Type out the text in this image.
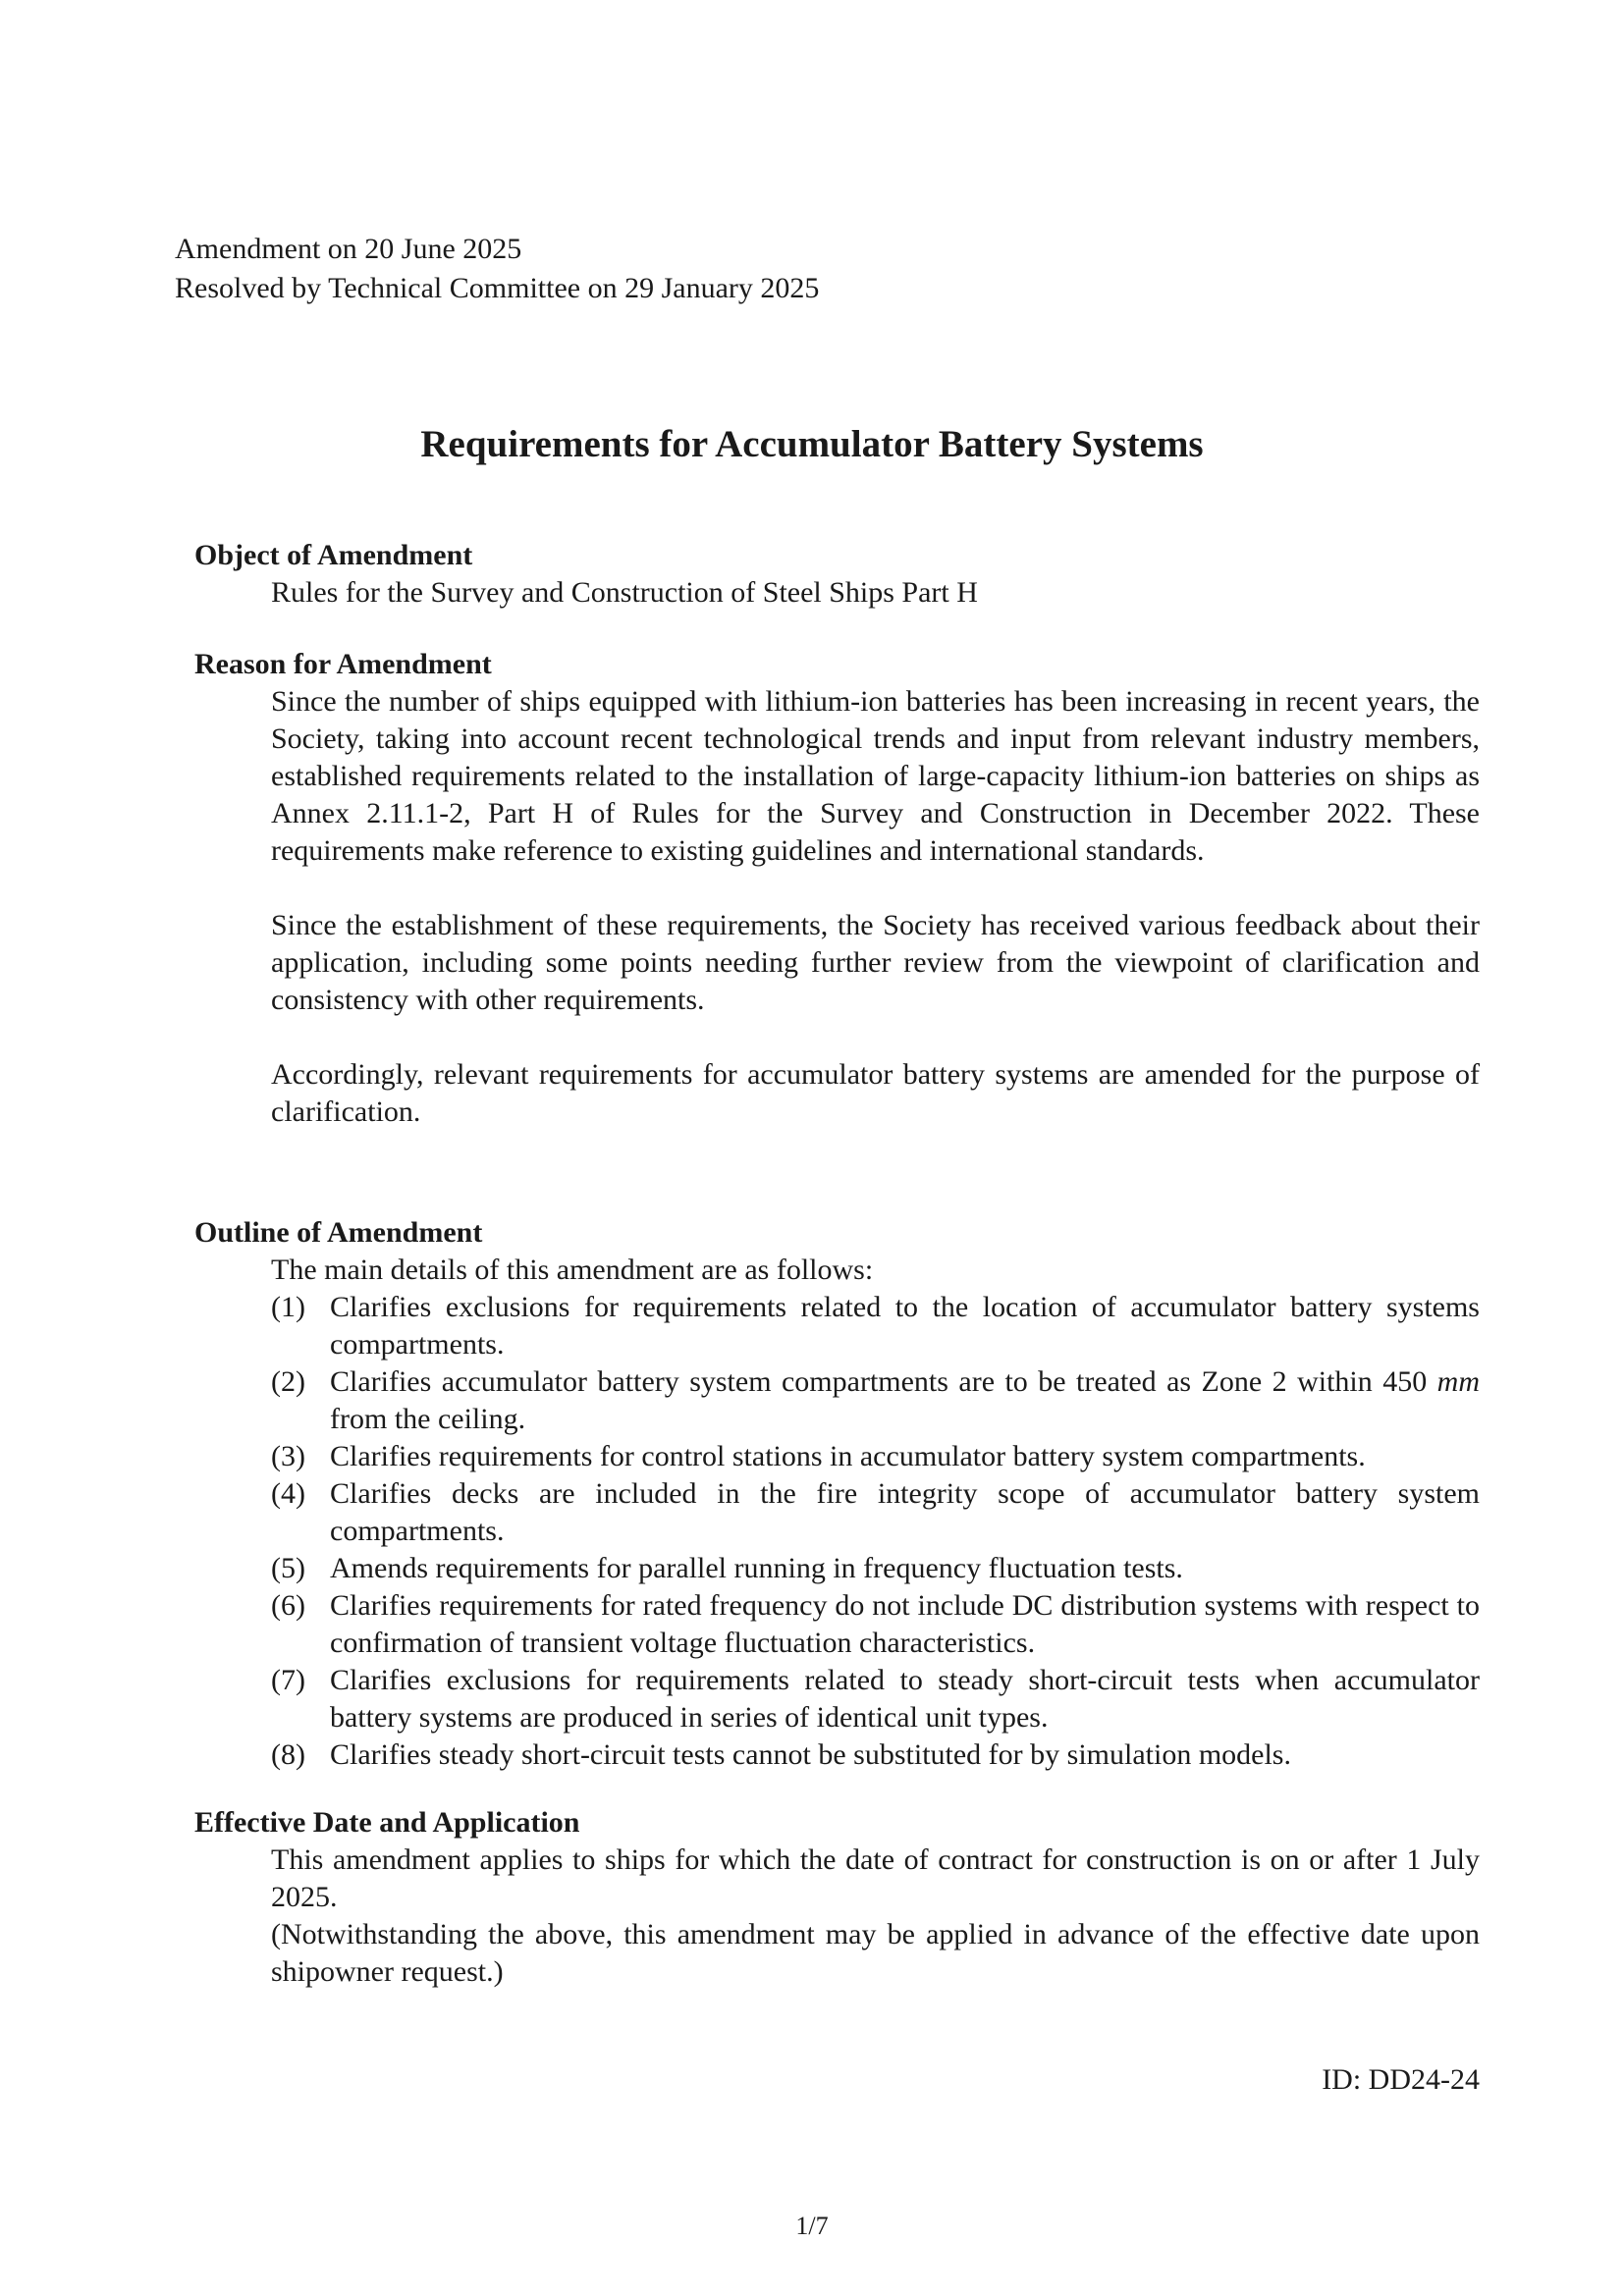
Amendment on 20 June 2025
Resolved by Technical Committee on 29 January 2025
Requirements for Accumulator Battery Systems
Object of Amendment
Rules for the Survey and Construction of Steel Ships Part H
Reason for Amendment

Since the number of ships equipped with lithium-ion batteries has been increasing in recent years, the Society, taking into account recent technological trends and input from relevant industry members, established requirements related to the installation of large-capacity lithium-ion batteries on ships as Annex 2.11.1-2, Part H of Rules for the Survey and Construction in December 2022. These requirements make reference to existing guidelines and international standards.

Since the establishment of these requirements, the Society has received various feedback about their application, including some points needing further review from the viewpoint of clarification and consistency with other requirements.

Accordingly, relevant requirements for accumulator battery systems are amended for the purpose of clarification.

Outline of Amendment
The main details of this amendment are as follows:
(1) Clarifies exclusions for requirements related to the location of accumulator battery systems compartments.
(2) Clarifies accumulator battery system compartments are to be treated as Zone 2 within 450 mm from the ceiling.
(3) Clarifies requirements for control stations in accumulator battery system compartments.
(4) Clarifies decks are included in the fire integrity scope of accumulator battery system compartments.
(5) Amends requirements for parallel running in frequency fluctuation tests.
(6) Clarifies requirements for rated frequency do not include DC distribution systems with respect to confirmation of transient voltage fluctuation characteristics.
(7) Clarifies exclusions for requirements related to steady short-circuit tests when accumulator battery systems are produced in series of identical unit types.
(8) Clarifies steady short-circuit tests cannot be substituted for by simulation models.
Effective Date and Application
This amendment applies to ships for which the date of contract for construction is on or after 1 July 2025.
(Notwithstanding the above, this amendment may be applied in advance of the effective date upon shipowner request.)
ID: DD24-24
1/7
